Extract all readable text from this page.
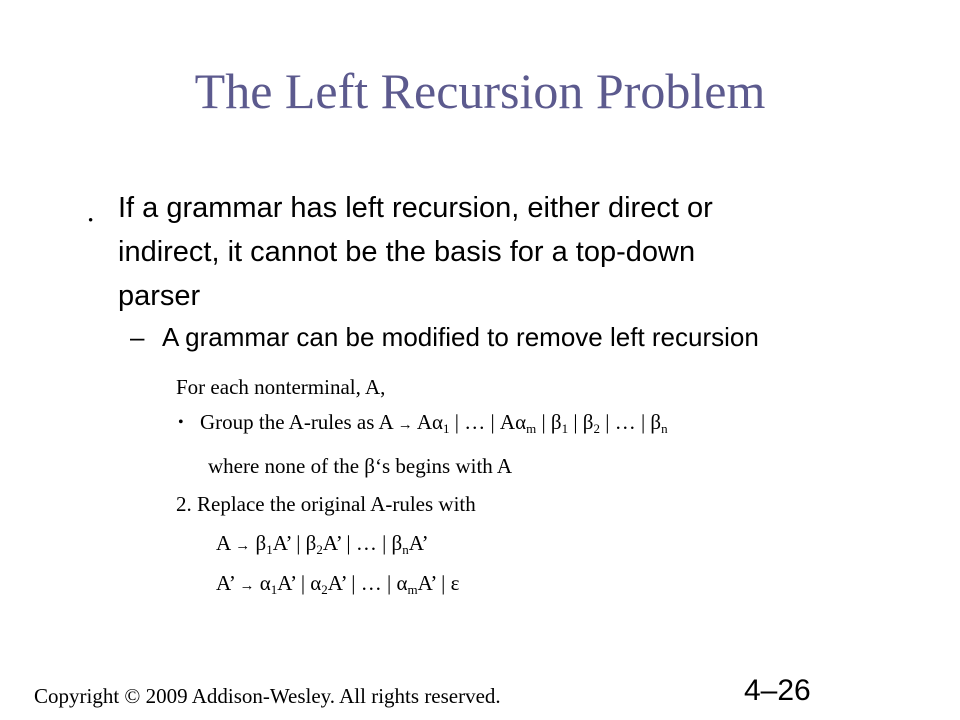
The Left Recursion Problem
• If a grammar has left recursion, either direct or
indirect, it cannot be the basis for a top-down
parser
– A grammar can be modified to remove left recursion
For each nonterminal, A,
• Group the A-rules as $A \to A\alpha_1$ | … | $A\alpha_m$ | $\beta_1$ | $\beta_2$ | … | $\beta_n$
where none of the β‘s begins with A
2. Replace the original A-rules with
$A \to \beta_1A$’ | $\beta_2A$’ | … | $\beta_nA$’
A’ → $\alpha_1A$’ | $\alpha_2A$’ | … | $\alpha_mA$’ | ε
Copyright © 2009 Addison-Wesley. All rights reserved.	4–26
